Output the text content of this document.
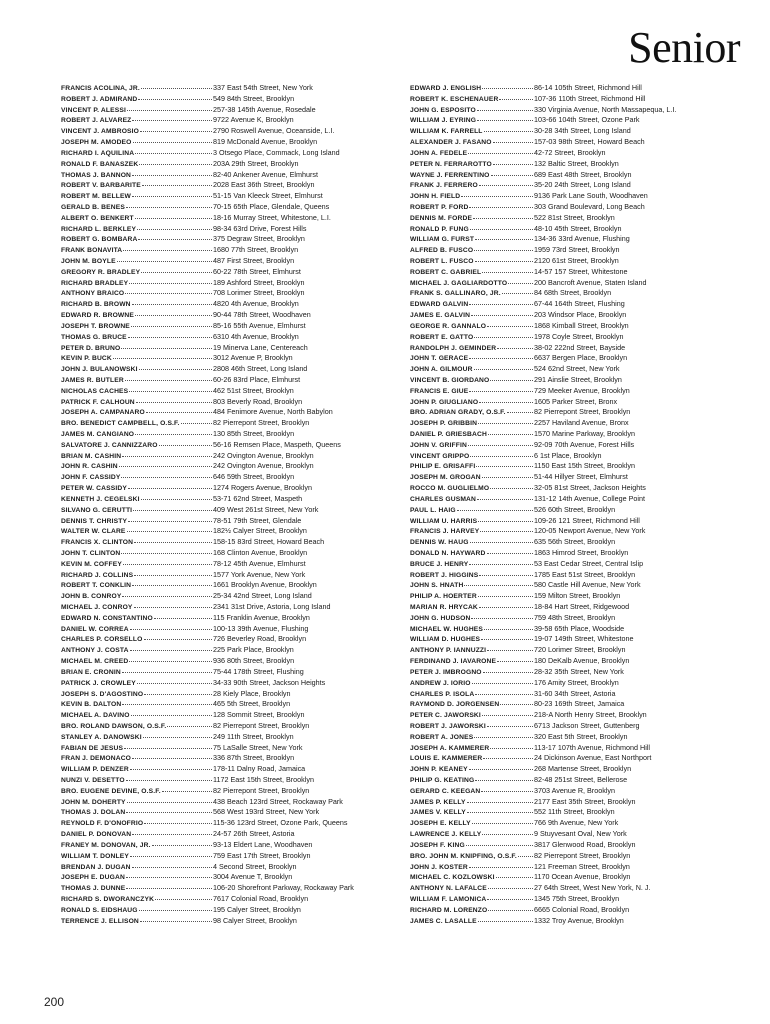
Senior
FRANCIS ACOLINA, JR.	337 East 54th Street, New York
ROBERT J. ADMIRAND	549 84th Street, Brooklyn
VINCENT P. ALESSI	257-38 145th Avenue, Rosedale
ROBERT J. ALVAREZ	9722 Avenue K, Brooklyn
VINCENT J. AMBROSIO	2790 Roswell Avenue, Oceanside, L.I.
JOSEPH M. AMODEO	819 McDonald Avenue, Brooklyn
RICHARD I. AQUILINA	3 Otsego Place, Commack, Long Island
RONALD F. BANASZEK	203A 29th Street, Brooklyn
THOMAS J. BANNON	82-40 Ankener Avenue, Elmhurst
ROBERT V. BARBARITE	2028 East 36th Street, Brooklyn
ROBERT M. BELLEW	51-15 Van Kleeck Street, Elmhurst
GERALD B. BENES	70-15 65th Place, Glendale, Queens
ALBERT O. BENKERT	18-16 Murray Street, Whitestone, L.I.
RICHARD L. BERKLEY	98-34 63rd Drive, Forest Hills
ROBERT G. BOMBARA	375 Degraw Street, Brooklyn
FRANK BONAVITA	1680 77th Street, Brooklyn
JOHN M. BOYLE	487 First Street, Brooklyn
GREGORY R. BRADLEY	60-22 78th Street, Elmhurst
RICHARD BRADLEY	189 Ashford Street, Brooklyn
ANTHONY BRAICO	708 Lorimer Street, Brooklyn
RICHARD B. BROWN	4820 4th Avenue, Brooklyn
EDWARD R. BROWNE	90-44 78th Street, Woodhaven
JOSEPH T. BROWNE	85-16 55th Avenue, Elmhurst
THOMAS G. BRUCE	6310 4th Avenue, Brooklyn
PETER D. BRUNO	19 Minerva Lane, Centereach
KEVIN P. BUCK	3012 Avenue P, Brooklyn
JOHN J. BULANOWSKI	2808 46th Street, Long Island
JAMES R. BUTLER	60-26 83rd Place, Elmhurst
NICHOLAS CACHES	462 51st Street, Brooklyn
PATRICK F. CALHOUN	803 Beverly Road, Brooklyn
JOSEPH A. CAMPANARO	484 Fenimore Avenue, North Babylon
BRO. BENEDICT CAMPBELL, O.S.F.	82 Pierrepont Street, Brooklyn
JAMES M. CANGIANO	130 85th Street, Brooklyn
SALVATORE J. CANNIZZARO	56-16 Remsen Place, Maspeth, Queens
BRIAN M. CASHIN	242 Ovington Avenue, Brooklyn
JOHN R. CASHIN	242 Ovington Avenue, Brooklyn
JOHN F. CASSIDY	646 59th Street, Brooklyn
PETER W. CASSIDY	1274 Rogers Avenue, Brooklyn
KENNETH J. CEGELSKI	53-71 62nd Street, Maspeth
SILVANO G. CERUTTI	409 West 261st Street, New York
DENNIS T. CHRISTY	78-51 79th Street, Glendale
WALTER W. CLARE	182½ Calyer Street, Brooklyn
FRANCIS X. CLINTON	158-15 83rd Street, Howard Beach
JOHN T. CLINTON	168 Clinton Avenue, Brooklyn
KEVIN M. COFFEY	78-12 45th Avenue, Elmhurst
RICHARD J. COLLINS	1577 York Avenue, New York
ROBERT T. CONKLIN	1661 Brooklyn Avenue, Brooklyn
JOHN B. CONROY	25-34 42nd Street, Long Island
MICHAEL J. CONROY	2341 31st Drive, Astoria, Long Island
EDWARD N. CONSTANTINO	115 Franklin Avenue, Brooklyn
DANIEL W. CORREA	100-13 39th Avenue, Flushing
CHARLES P. CORSELLO	726 Beverley Road, Brooklyn
ANTHONY J. COSTA	225 Park Place, Brooklyn
MICHAEL M. CREED	936 80th Street, Brooklyn
BRIAN E. CRONIN	75-44 178th Street, Flushing
PATRICK J. CROWLEY	34-33 90th Street, Jackson Heights
JOSEPH S. D'AGOSTINO	28 Kiely Place, Brooklyn
KEVIN B. DALTON	465 5th Street, Brooklyn
MICHAEL A. DAVINO	128 Sommit Street, Brooklyn
BRO. ROLAND DAWSON, O.S.F.	82 Pierrepont Street, Brooklyn
STANLEY A. DANOWSKI	249 11th Street, Brooklyn
FABIAN DE JESUS	75 LaSalle Street, New York
FRAN J. DEMONACO	336 87th Street, Brooklyn
WILLIAM P. DENZER	178-11 Dalny Road, Jamaica
NUNZI V. DESETTO	1172 East 15th Street, Brooklyn
BRO. EUGENE DEVINE, O.S.F.	82 Pierrepont Street, Brooklyn
JOHN M. DOHERTY	438 Beach 123rd Street, Rockaway Park
THOMAS J. DOLAN	568 West 193rd Street, New York
REYNOLD F. D'ONOFRIO	115-36 123rd Street, Ozone Park, Queens
DANIEL P. DONOVAN	24-57 26th Street, Astoria
FRANEY M. DONOVAN, JR.	93-13 Eldert Lane, Woodhaven
WILLIAM T. DONLEY	759 East 17th Street, Brooklyn
BRENDAN J. DUGAN	4 Second Street, Brooklyn
JOSEPH E. DUGAN	3004 Avenue T, Brooklyn
THOMAS J. DUNNE	106-20 Shorefront Parkway, Rockaway Park
RICHARD S. DWORANCZYK	7617 Colonial Road, Brooklyn
RONALD S. EIDSHAUG	195 Calyer Street, Brooklyn
TERRENCE J. ELLISON	98 Calyer Street, Brooklyn
EDWARD J. ENGLISH	86-14 105th Street, Richmond Hill
ROBERT K. ESCHENAUER	107-36 110th Street, Richmond Hill
JOHN G. ESPOSITO	330 Virginia Avenue, North Massapequa, L.I.
WILLIAM J. EYRING	103-66 104th Street, Ozone Park
WILLIAM K. FARRELL	30-28 34th Street, Long Island
ALEXANDER J. FASANO	157-03 98th Street, Howard Beach
JOHN A. FEDELE	42-72 Street, Brooklyn
PETER N. FERRAROTTO	132 Baltic Street, Brooklyn
WAYNE J. FERRENTINO	689 East 48th Street, Brooklyn
FRANK J. FERRERO	35-20 24th Street, Long Island
JOHN H. FIELD	9136 Park Lane South, Woodhaven
ROBERT P. FORD	303 Grand Boulevard, Long Beach
DENNIS M. FORDE	522 81st Street, Brooklyn
RONALD P. FUNG	48-10 45th Street, Brooklyn
WILLIAM G. FURST	134-36 33rd Avenue, Flushing
ALFRED B. FUSCO	1959 73rd Street, Brooklyn
ROBERT L. FUSCO	2120 61st Street, Brooklyn
ROBERT C. GABRIEL	14-57 157 Street, Whitestone
MICHAEL J. GAGLIARDOTTO	200 Bancroft Avenue, Staten Island
FRANK S. GALLINARO, JR.	84 68th Street, Brooklyn
EDWARD GALVIN	67-44 164th Street, Flushing
JAMES E. GALVIN	203 Windsor Place, Brooklyn
GEORGE R. GANNALO	1868 Kimball Street, Brooklyn
ROBERT E. GATTO	1978 Coyle Street, Brooklyn
RANDOLPH J. GEMINDER	38-02 222nd Street, Bayside
JOHN T. GERACE	6637 Bergen Place, Brooklyn
JOHN A. GILMOUR	524 62nd Street, New York
VINCENT B. GIORDANO	291 Ainslie Street, Brooklyn
FRANCIS E. GIUE	729 Meeker Avenue, Brooklyn
JOHN P. GIUGLIANO	1605 Parker Street, Bronx
BRO. ADRIAN GRADY, O.S.F.	82 Pierrepont Street, Brooklyn
JOSEPH P. GRIBBIN	2257 Haviland Avenue, Bronx
DANIEL P. GRIESBACH	1570 Marine Parkway, Brooklyn
JOHN V. GRIFFIN	92-09 70th Avenue, Forest Hills
VINCENT GRIPPO	6 1st Place, Brooklyn
PHILIP E. GRISAFFI	1150 East 15th Street, Brooklyn
JOSEPH M. GROGAN	51-44 Hillyer Street, Elmhurst
ROCCO M. GUGLIELMO	32-05 81st Street, Jackson Heights
CHARLES GUSMAN	131-12 14th Avenue, College Point
PAUL L. HAIG	526 60th Street, Brooklyn
WILLIAM U. HARRIS	109-26 121 Street, Richmond Hill
FRANCIS J. HARVEY	120-05 Newport Avenue, New York
DENNIS W. HAUG	635 56th Street, Brooklyn
DONALD N. HAYWARD	1863 Himrod Street, Brooklyn
BRUCE J. HENRY	53 East Cedar Street, Central Islip
ROBERT J. HIGGINS	1785 East 51st Street, Brooklyn
JOHN S. HNATH	580 Castle Hill Avenue, New York
PHILIP A. HOERTER	159 Milton Street, Brooklyn
MARIAN R. HRYCAK	18-84 Hart Street, Ridgewood
JOHN G. HUDSON	759 48th Street, Brooklyn
MICHAEL W. HUGHES	39-58 65th Place, Woodside
WILLIAM D. HUGHES	19-07 149th Street, Whitestone
ANTHONY P. IANNUZZI	720 Lorimer Street, Brooklyn
FERDINAND J. IAVARONE	180 DeKalb Avenue, Brooklyn
PETER J. IMBROGNO	28-32 35th Street, New York
ANDREW J. IORIO	176 Amity Street, Brooklyn
CHARLES P. ISOLA	31-60 34th Street, Astoria
RAYMOND D. JORGENSEN	80-23 169th Street, Jamaica
PETER C. JAWORSKI	218-A North Henry Street, Brooklyn
ROBERT J. JAWORSKI	6713 Jackson Street, Guttenberg
ROBERT A. JONES	320 East 5th Street, Brooklyn
JOSEPH A. KAMMERER	113-17 107th Avenue, Richmond Hill
LOUIS E. KAMMERER	24 Dickinson Avenue, East Northport
JOHN P. KEANEY	268 Martense Street, Brooklyn
PHILIP G. KEATING	82-48 251st Street, Bellerose
GERARD C. KEEGAN	3703 Avenue R, Brooklyn
JAMES P. KELLY	2177 East 35th Street, Brooklyn
JAMES V. KELLY	552 11th Street, Brooklyn
JOSEPH E. KELLY	766 9th Avenue, New York
LAWRENCE J. KELLY	9 Stuyvesant Oval, New York
JOSEPH F. KING	3817 Glenwood Road, Brooklyn
BRO. JOHN M. KNIPFING, O.S.F. 82 Pierrepont Street, Brooklyn
JOHN J. KOSTER	121 Freeman Street, Brooklyn
MICHAEL C. KOZLOWSKI	1170 Ocean Avenue, Brooklyn
ANTHONY N. LAFALCE	27 64th Street, West New York, N. J.
WILLIAM F. LAMONICA	1345 75th Street, Brooklyn
RICHARD M. LORENZO	6665 Colonial Road, Brooklyn
JAMES C. LASALLE	1332 Troy Avenue, Brooklyn
200
